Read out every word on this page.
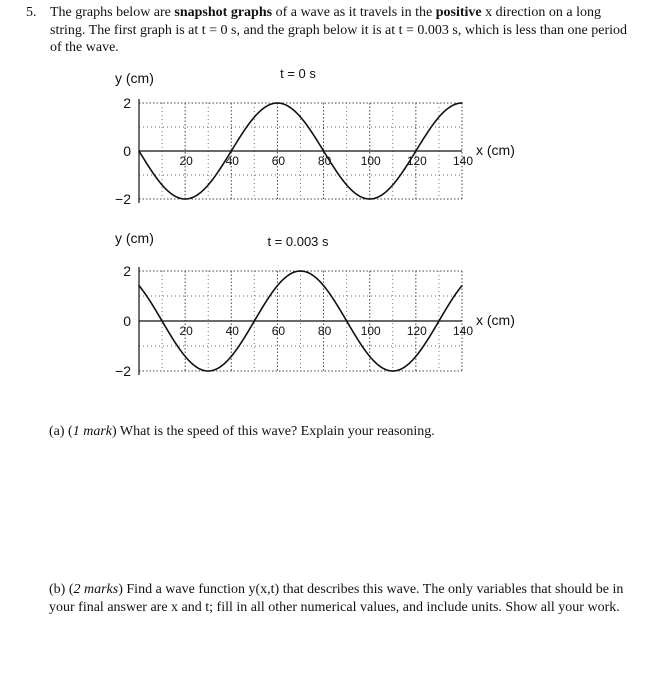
5. The graphs below are snapshot graphs of a wave as it travels in the positive x direction on a long string. The first graph is at t = 0 s, and the graph below it is at t = 0.003 s, which is less than one period of the wave.
t = 0 s
y (cm)
x (cm)
2
0
−2
20	40	60	80 100 120 140
t = 0.003 s
y (cm)
x (cm)
2
0
−2
20	40	60	80 100 120 140
(a) (1 mark) What is the speed of this wave? Explain your reasoning.
(b) (2 marks) Find a wave function y(x,t) that describes this wave. The only variables that should be in your final answer are x and t; fill in all other numerical values, and include units. Show all your work.
